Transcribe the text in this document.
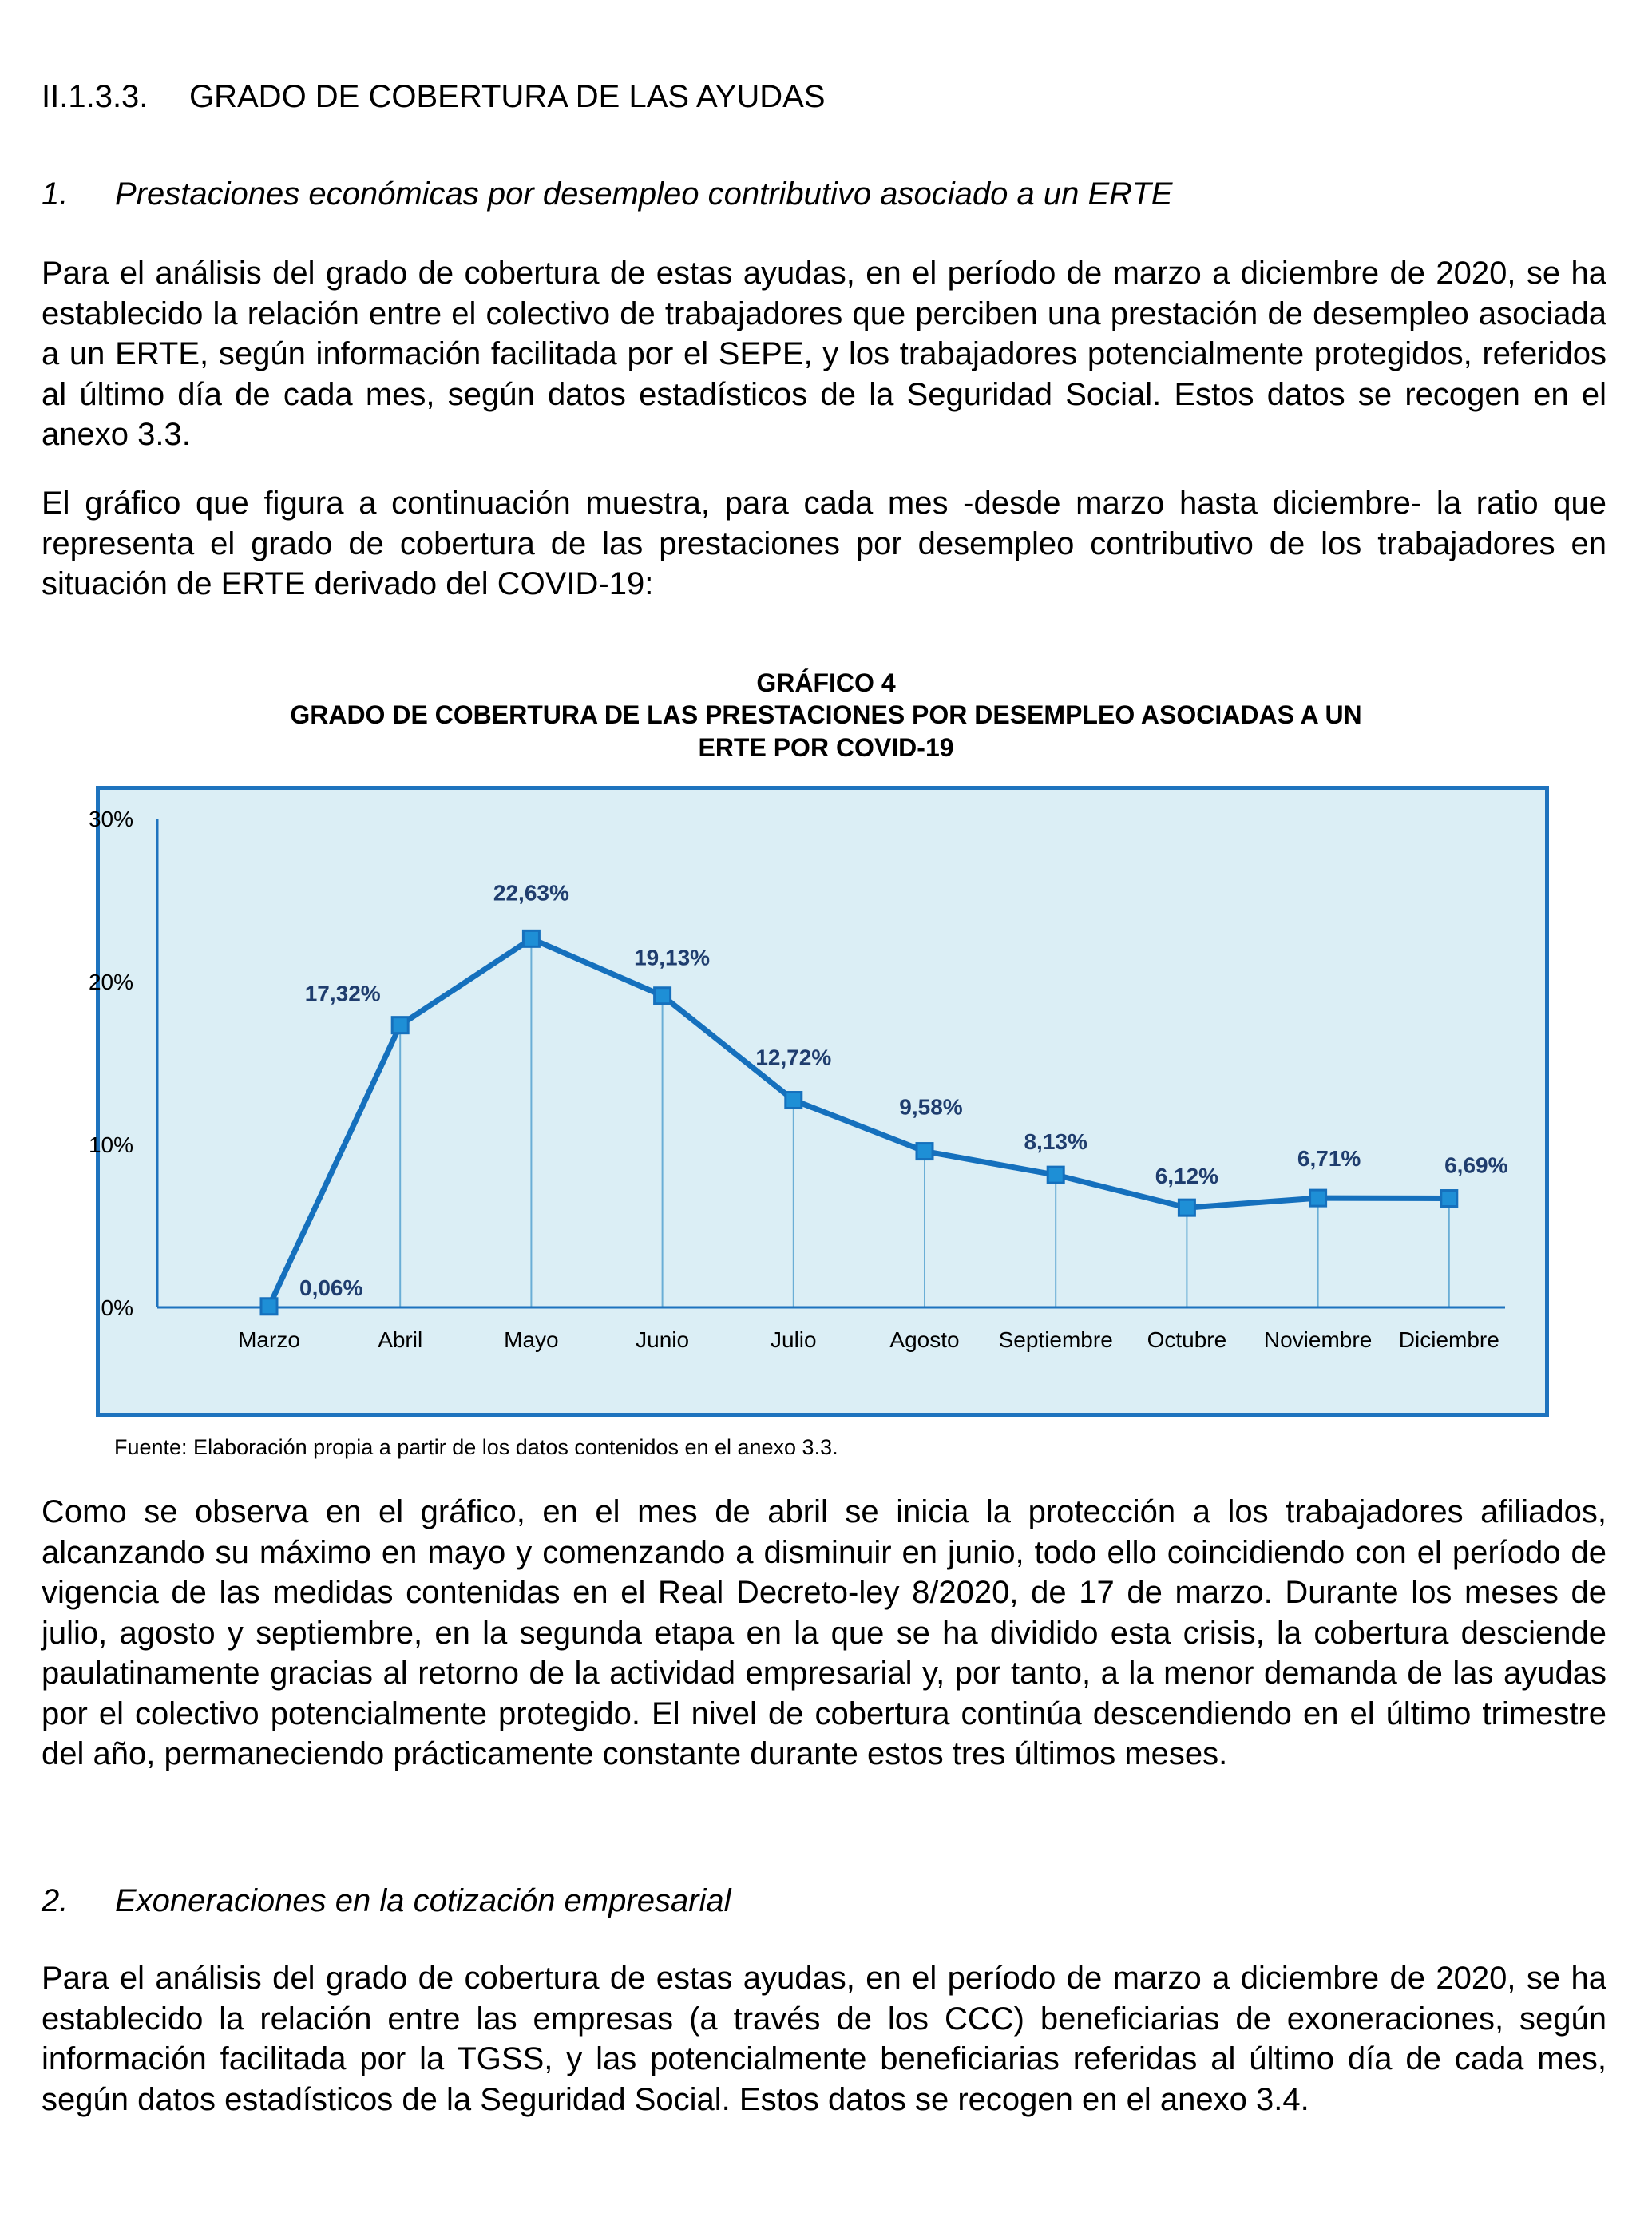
II.1.3.3. GRADO DE COBERTURA DE LAS AYUDAS
1. Prestaciones económicas por desempleo contributivo asociado a un ERTE

Para el análisis del grado de cobertura de estas ayudas, en el período de marzo a diciembre de 2020, se ha establecido la relación entre el colectivo de trabajadores que perciben una prestación de desempleo asociada a un ERTE, según información facilitada por el SEPE, y los trabajadores potencialmente protegidos, referidos al último día de cada mes, según datos estadísticos de la Seguridad Social. Estos datos se recogen en el anexo 3.3.

El gráfico que figura a continuación muestra, para cada mes -desde marzo hasta diciembre- la ratio que representa el grado de cobertura de las prestaciones por desempleo contributivo de los trabajadores en situación de ERTE derivado del COVID-19:

GRÁFICO 4
GRADO DE COBERTURA DE LAS PRESTACIONES POR DESEMPLEO ASOCIADAS A UN
ERTE POR COVID-19
0%
10%
20%
30%
0,06%
17,32%
22,63%
19,13%
12,72%
9,58%
8,13%
6,12%
6,71%	6,69%
Marzo	Abril	Mayo	Junio	Julio	Agosto Septiembre Octubre Noviembre Diciembre
Fuente: Elaboración propia a partir de los datos contenidos en el anexo 3.3.

Como se observa en el gráfico, en el mes de abril se inicia la protección a los trabajadores afiliados, alcanzando su máximo en mayo y comenzando a disminuir en junio, todo ello coincidiendo con el período de vigencia de las medidas contenidas en el Real Decreto-ley 8/2020, de 17 de marzo. Durante los meses de julio, agosto y septiembre, en la segunda etapa en la que se ha dividido esta crisis, la cobertura desciende paulatinamente gracias al retorno de la actividad empresarial y, por tanto, a la menor demanda de las ayudas por el colectivo potencialmente protegido. El nivel de cobertura continúa descendiendo en el último trimestre del año, permaneciendo prácticamente constante durante estos tres últimos meses.

2. Exoneraciones en la cotización empresarial

Para el análisis del grado de cobertura de estas ayudas, en el período de marzo a diciembre de 2020, se ha establecido la relación entre las empresas (a través de los CCC) beneficiarias de exoneraciones, según información facilitada por la TGSS, y las potencialmente beneficiarias referidas al último día de cada mes, según datos estadísticos de la Seguridad Social. Estos datos se recogen en el anexo 3.4.
